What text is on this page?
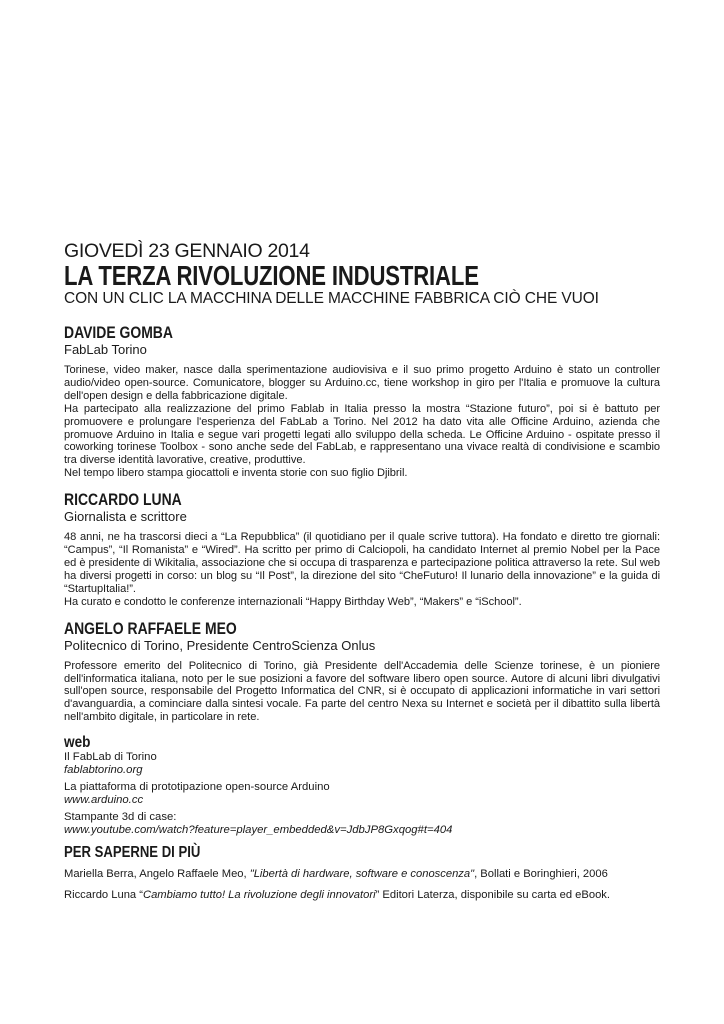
GIOVEDÌ 23 GENNAIO 2014

LA TERZA RIVOLUZIONE INDUSTRIALE

CON UN CLIC LA MACCHINA DELLE MACCHINE FABBRICA CIÒ CHE VUOI

DAVIDE GOMBA

FabLab Torino

Torinese, video maker, nasce dalla sperimentazione audiovisiva e il suo primo progetto Arduino è stato un controller audio/video open-source. Comunicatore, blogger su Arduino.cc, tiene workshop in giro per l'Italia e promuove la cultura dell'open design e della fabbricazione digitale.

Ha partecipato alla realizzazione del primo Fablab in Italia presso la mostra “Stazione futuro”, poi si è battuto per promuovere e prolungare l'esperienza del FabLab a Torino. Nel 2012 ha dato vita alle Officine Arduino, azienda che promuove Arduino in Italia e segue vari progetti legati allo sviluppo della scheda. Le Officine Arduino - ospitate presso il coworking torinese Toolbox - sono anche sede del FabLab, e rappresentano una vivace realtà di condivisione e scambio tra diverse identità lavorative, creative, produttive.

Nel tempo libero stampa giocattoli e inventa storie con suo figlio Djibril.

RICCARDO LUNA

Giornalista e scrittore

48 anni, ne ha trascorsi dieci a “La Repubblica” (il quotidiano per il quale scrive tuttora). Ha fondato e diretto tre giornali: “Campus”, “Il Romanista” e “Wired”. Ha scritto per primo di Calciopoli, ha candidato Internet al premio Nobel per la Pace ed è presidente di Wikitalia, associazione che si occupa di trasparenza e partecipazione politica attraverso la rete. Sul web ha diversi progetti in corso: un blog su “Il Post”, la direzione del sito “CheFuturo! Il lunario della innovazione” e la guida di “StartupItalia!”.

Ha curato e condotto le conferenze internazionali “Happy Birthday Web”, “Makers” e “iSchool”.

ANGELO RAFFAELE MEO

Politecnico di Torino, Presidente CentroScienza Onlus

Professore emerito del Politecnico di Torino, già Presidente dell'Accademia delle Scienze torinese, è un pioniere dell'informatica italiana, noto per le sue posizioni a favore del software libero open source. Autore di alcuni libri divulgativi sull'open source, responsabile del Progetto Informatica del CNR, si è occupato di applicazioni informatiche in vari settori d'avanguardia, a cominciare dalla sintesi vocale. Fa parte del centro Nexa su Internet e società per il dibattito sulla libertà nell'ambito digitale, in particolare in rete.

web
Il FabLab di Torino
fablabtorino.org
La piattaforma di prototipazione open-source Arduino
www.arduino.cc
Stampante 3d di case:
www.youtube.com/watch?feature=player_embedded&v=JdbJP8Gxqog#t=404
PER SAPERNE DI PIÙ

Mariella Berra, Angelo Raffaele Meo, "Libertà di hardware, software e conoscenza", Bollati e Boringhieri, 2006

Riccardo Luna “Cambiamo tutto! La rivoluzione degli innovatori” Editori Laterza, disponibile su carta ed eBook.
